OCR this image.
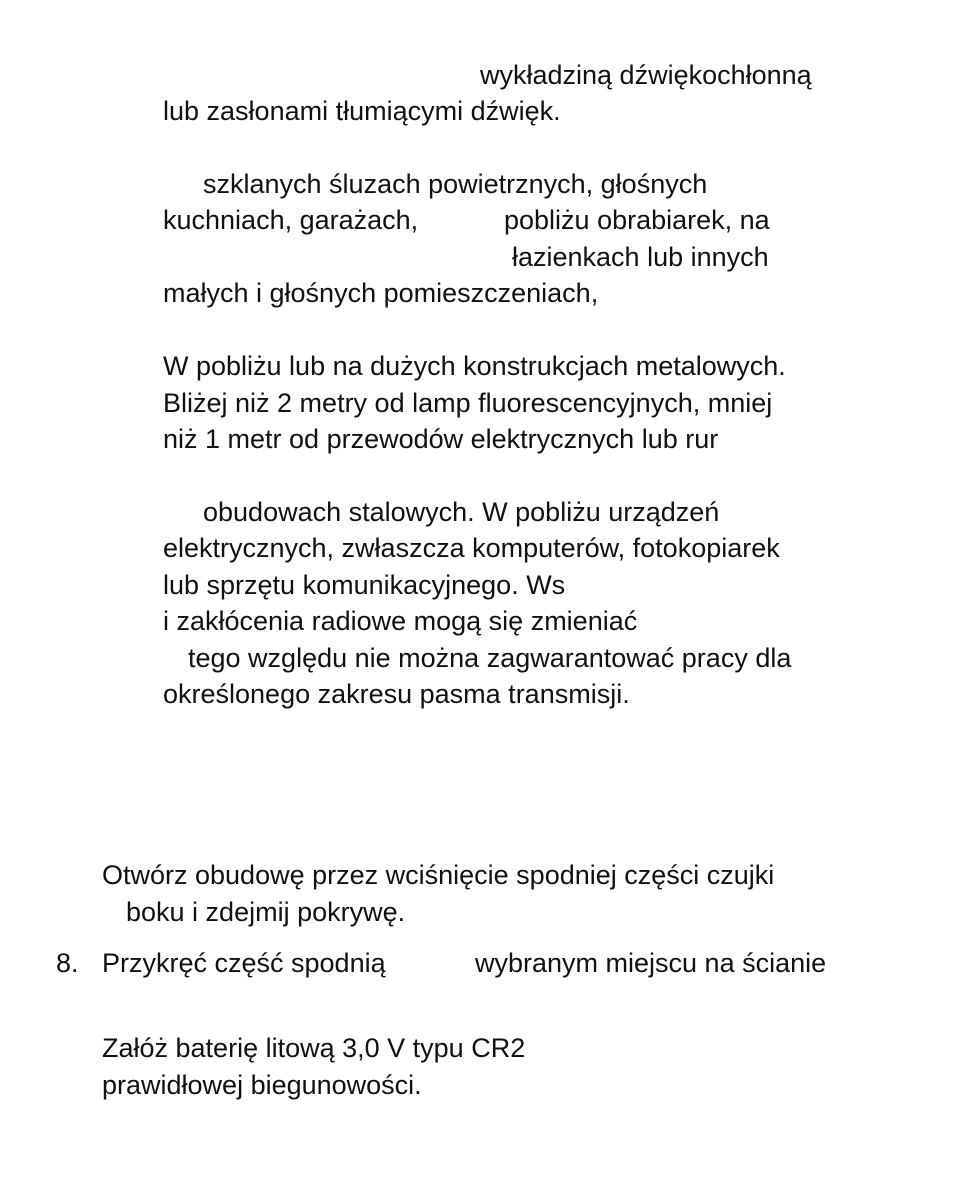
wykładziną dźwiękochłonną

lub zasłonami tłumiącymi dźwięk.

szklanych śluzach powietrznych, głośnych

kuchniach, garażach,	pobliżu obrabiarek, na

łazienkach lub innych

małych i głośnych pomieszczeniach,

W pobliżu lub na dużych konstrukcjach metalowych.

Bliżej niż 2 metry od lamp fluorescencyjnych, mniej

niż 1 metr od przewodów elektrycznych lub rur

obudowach stalowych. W pobliżu urządzeń

elektrycznych, zwłaszcza komputerów, fotokopiarek

lub sprzętu komunikacyjnego. Ws

i zakłócenia radiowe mogą się zmieniać

tego względu nie można zagwarantować pracy dla

określonego zakresu pasma transmisji.

Otwórz obudowę przez wciśnięcie spodniej części czujki

boku i zdejmij pokrywę.

8. Przykręć część spodnią	wybranym miejscu na ścianie

Załóż baterię litową 3,0 V typu CR2

prawidłowej biegunowości.
